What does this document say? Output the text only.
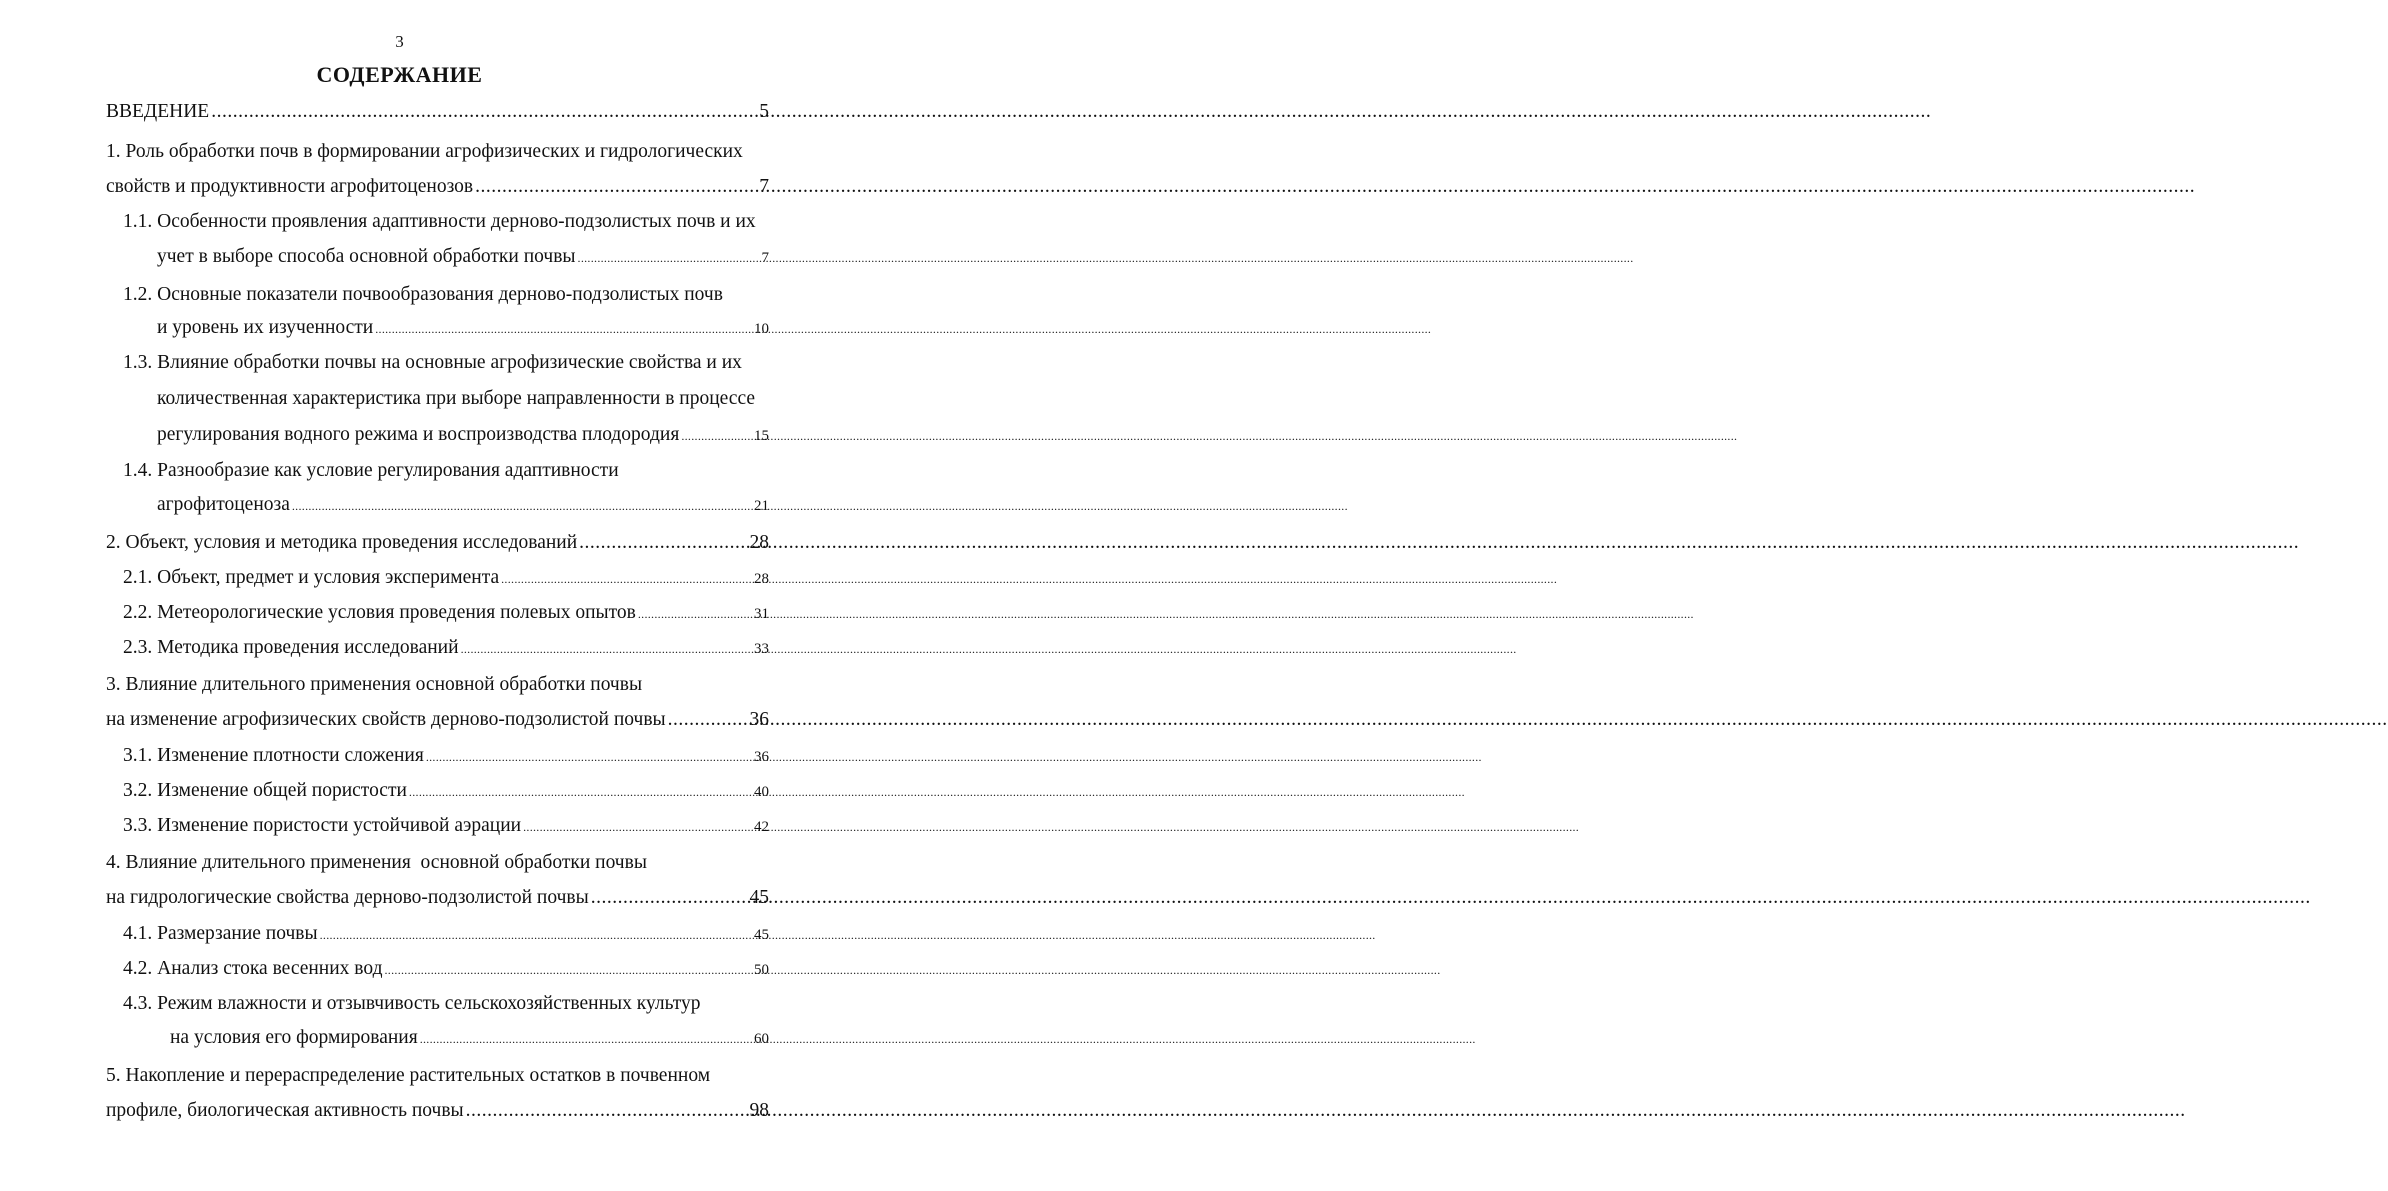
3
СОДЕРЖАНИЕ
ВВЕДЕНИЕ .....	5
1. Роль обработки почв в формировании агрофизических и гидрологических
свойств и продуктивности агрофитоценозов .....	7
1.1. Особенности проявления адаптивности дерново-подзолистых почв и их
учет в выборе способа основной обработки почвы .....	7
1.2. Основные показатели почвообразования дерново-подзолистых почв
и уровень их изученности .....	10
1.3. Влияние обработки почвы на основные агрофизические свойства и их
количественная характеристика при выборе направленности в процессе
регулирования водного режима и воспроизводства плодородия .....	15
1.4. Разнообразие как условие регулирования адаптивности
агрофитоценоза .....	21
2. Объект, условия и методика проведения исследований .....	28
2.1. Объект, предмет и условия эксперимента .....	28
2.2. Метеорологические условия проведения полевых опытов .....	31
2.3. Методика проведения исследований .....	33
3. Влияние длительного применения основной обработки почвы
на изменение агрофизических свойств дерново-подзолистой почвы .....	36
3.1. Изменение плотности сложения .....	36
3.2. Изменение общей пористости .....	40
3.3. Изменение пористости устойчивой аэрации .....	42
4. Влияние длительного применения  основной обработки почвы
на гидрологические свойства дерново-подзолистой почвы .....	45
4.1. Размерзание почвы .....	45
4.2. Анализ стока весенних вод .....	50
4.3. Режим влажности и отзывчивость сельскохозяйственных культур
на условия его формирования .....	60
5. Накопление и перераспределение растительных остатков в почвенном
профиле, биологическая активность почвы .....	98
